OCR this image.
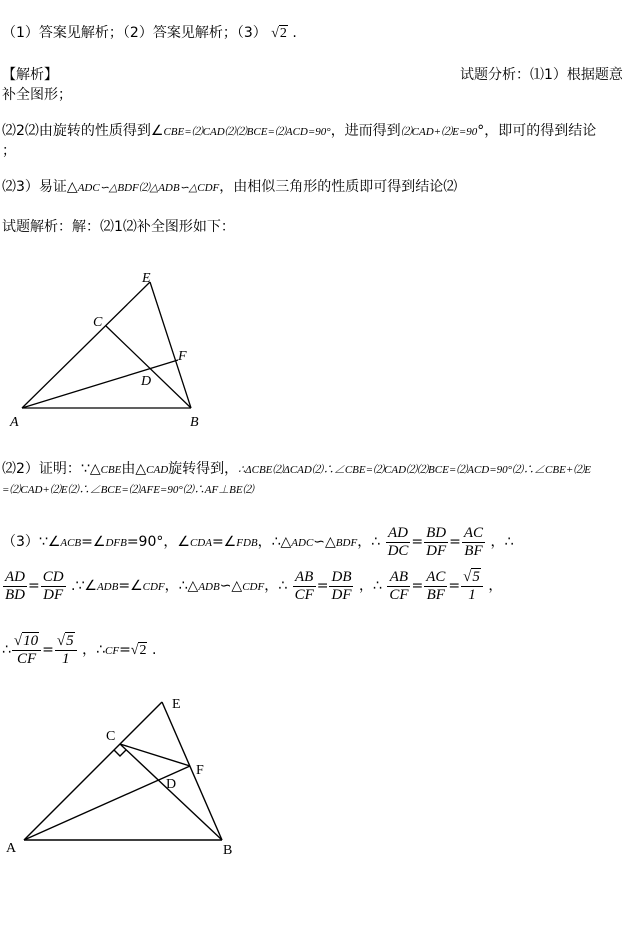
（1）答案见解析；（2）答案见解析；（3） √2 .
【解析】	试题分析：⑴1）根据题意
补全图形；
⑵2⑵由旋转的性质得到∠CBE=⑵CAD⑵⑵BCE=⑵ACD=90°，进而得到⑵CAD+⑵E=90°，即可的得到结论
；
⑵3）易证△ADC∽△BDF⑵△ADB∽△CDF，由相似三角形的性质即可得到结论⑵
试题解析：解：⑵1⑵补全图形如下：
A	B
C
D
E
F
⑵2）证明：∵△CBE由△CAD旋转得到，∴ΔCBE⑵ΔCAD⑵∴∠CBE=⑵CAD⑵⑵BCE=⑵ACD=90°⑵∴∠CBE+⑵E
=⑵CAD+⑵E⑵∴∠BCE=⑵AFE=90°⑵∴AF⊥BE⑵
（3）∵∠ACB=∠DFB=90°，∠CDA=∠FDB，∴△ADC∽△BDF，∴ $\frac{AD}{DC} = \frac{BD}{DF} = \frac{AC}{BF}$ ，∴
$\frac{AD}{BD} = \frac{CD}{DF}$ .∵∠ADB=∠CDF，∴△ADB∽△CDF，∴ $\frac{AB}{CF} = \frac{DB}{DF}$ ，∴ $\frac{AB}{CF} = \frac{AC}{BF} = \frac{√5}{1}$ ，
∴ $\frac{√10}{CF} = \frac{√5}{1}$ ，∴CF=√2 .
A	B
C
D
E
F
